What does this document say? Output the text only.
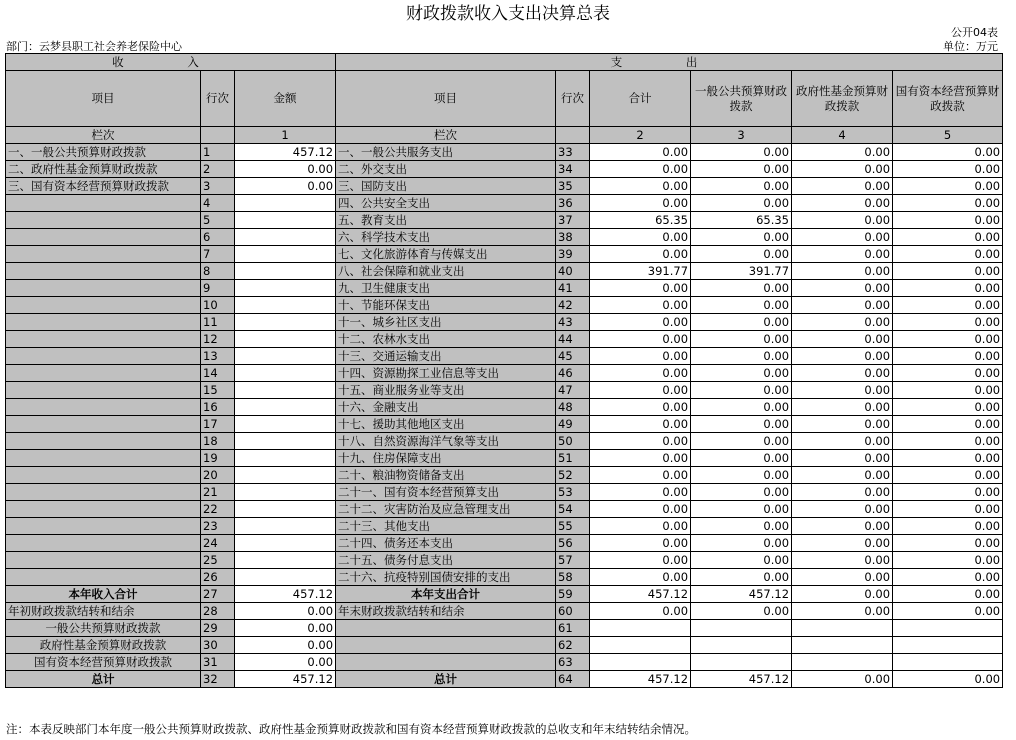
财政拨款收入支出决算总表
公开04表
部门：云梦县职工社会养老保险中心	单位：万元
收 入			支 出					
项目	行次	金额	项目	行次	合计	一般公共预算财政拨款	政府性基金预算财政拨款	国有资本经营预算财政拨款
栏次		1	栏次		2	3	4	5
一、一般公共预算财政拨款	1	457.12	一、一般公共服务支出	33	0.00	0.00	0.00	0.00
二、政府性基金预算财政拨款	2	0.00	二、外交支出	34	0.00	0.00	0.00	0.00
三、国有资本经营预算财政拨款	3	0.00	三、国防支出	35	0.00	0.00	0.00	0.00
	4		四、公共安全支出	36	0.00	0.00	0.00	0.00
	5		五、教育支出	37	65.35	65.35	0.00	0.00
	6		六、科学技术支出	38	0.00	0.00	0.00	0.00
	7		七、文化旅游体育与传媒支出	39	0.00	0.00	0.00	0.00
	8		八、社会保障和就业支出	40	391.77	391.77	0.00	0.00
	9		九、卫生健康支出	41	0.00	0.00	0.00	0.00
	10		十、节能环保支出	42	0.00	0.00	0.00	0.00
	11		十一、城乡社区支出	43	0.00	0.00	0.00	0.00
	12		十二、农林水支出	44	0.00	0.00	0.00	0.00
	13		十三、交通运输支出	45	0.00	0.00	0.00	0.00
	14		十四、资源勘探工业信息等支出	46	0.00	0.00	0.00	0.00
	15		十五、商业服务业等支出	47	0.00	0.00	0.00	0.00
	16		十六、金融支出	48	0.00	0.00	0.00	0.00
	17		十七、援助其他地区支出	49	0.00	0.00	0.00	0.00
	18		十八、自然资源海洋气象等支出	50	0.00	0.00	0.00	0.00
	19		十九、住房保障支出	51	0.00	0.00	0.00	0.00
	20		二十、粮油物资储备支出	52	0.00	0.00	0.00	0.00
	21		二十一、国有资本经营预算支出	53	0.00	0.00	0.00	0.00
	22		二十二、灾害防治及应急管理支出	54	0.00	0.00	0.00	0.00
	23		二十三、其他支出	55	0.00	0.00	0.00	0.00
	24		二十四、债务还本支出	56	0.00	0.00	0.00	0.00
	25		二十五、债务付息支出	57	0.00	0.00	0.00	0.00
	26		二十六、抗疫特别国债安排的支出	58	0.00	0.00	0.00	0.00
本年收入合计	27	457.12	本年支出合计	59	457.12	457.12	0.00	0.00
年初财政拨款结转和结余	28	0.00	年末财政拨款结转和结余	60	0.00	0.00	0.00	0.00
一般公共预算财政拨款	29	0.00		61				
政府性基金预算财政拨款	30	0.00		62				
国有资本经营预算财政拨款	31	0.00		63				
总计	32	457.12	总计	64	457.12	457.12	0.00	0.00
注：本表反映部门本年度一般公共预算财政拨款、政府性基金预算财政拨款和国有资本经营预算财政拨款的总收支和年末结转结余情况。
